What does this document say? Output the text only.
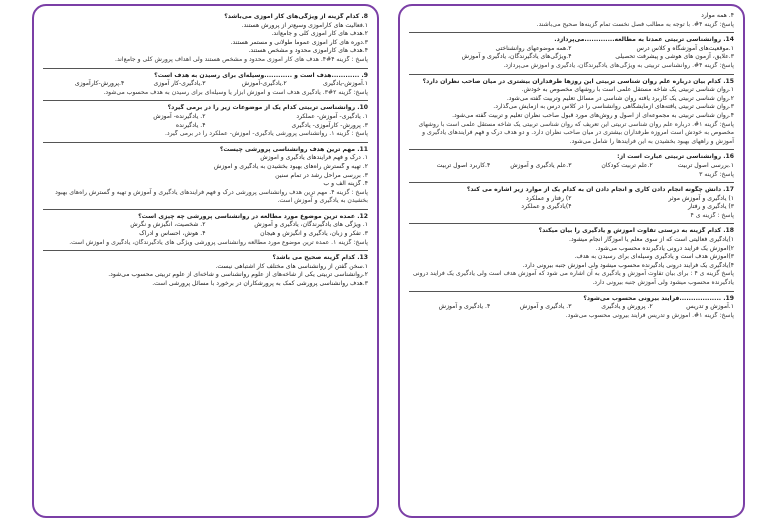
8. کدام گزینه از ویژگی‌های کار آموزی می‌باشد؟
۱.فعالیت های کارآموزی وسیع‌تر از پرورش هستند.
۲.هدف های کار آموزی کلی و جامع‌اند.
۳.دوره های کار آموزی عموماً طولانی و مستمر هستند.
۴.هدف های کارآموزی محدود و مشخص هستند.
پاسخ : گزینه ۴#۴. هدف های کار آموزی محدود و مشخص هستند ولی اهداف پرورش کلی و جامع‌اند.
9. ............هدف است و ............وسیله‌ای برای رسیدن به هدف است؟
۱.آموزش-یادگیری
۲.یادگیری-آموزش
۳.یادگیری-کار آموزی
۴.پرورش-کارآموزی
پاسخ: گزینه ۲#۳. یادگیری هدف است و آموزش ابزار یا وسیله‌ای برای رسیدن به هدف محسوب می‌شود.
10. روانشناسی تربیتی کدام یک از موضوعات زیر را در برمی گیرد؟
۱. یادگیری- آموزش- عملکرد
۲. یادگیرنده- آموزش
۳. پرورش- کارآموزی- یادگیری
۴. یادگیرنده
پاسخ : گزینه ۱. روانشناسی پرورشی یادگیری- آموزش- عملکرد را در برمی گیرد.
11. مهم ترین هدف روانشناسی پرورشی چیست؟
۱. درک و فهم فرایندهای یادگیری و آموزش
۲. تهیه و گسترش راه‌های بهبود بخشیدن به یادگیری و آموزش
۳. بررسی مراحل رشد در تمام سنین
۴. گزینه الف و ب
پاسخ : گزینه ۴. مهم ترین هدف روانشناسی پرورشی درک و فهم فرایندهای یادگیری و آموزش و تهیه و گسترش راه‌های بهبود بخشیدن به یادگیری و آموزش است.
12. عمده ترین موضوع مورد مطالعه در روانشناسی پرورشی چه چیزی است؟
۱. ویژگی های یادگیرندگان، یادگیری و آموزش
۲. شخصیت، انگیزش و نگرش
۳. تفکر و زبان، یادگیری و انگیزش و هیجان
۴. هوش، احساس و ادراک
پاسخ: گزینه ۱. عمده ترین موضوع مورد مطالعه روانشناسی پرورشی ویژگی های یادگیرندگان، یادگیری و آموزش است.
13. کدام گزینه صحیح می باشد؟
۱.سخن گفتن از روانشناسی های مختلف کار اشتباهی نیست.
۲.روانشناسی تربیتی یکی از شاخه‌های از علوم روانشناسی و شاخه‌ای از علوم تربیتی محسوب می‌شود.
۳.هدف روانشناسی پرورشی کمک به پرورشکاران در برخورد با مسائل پرورشی است.
۴. همه موارد
پاسخ: گزینه ۴#. با توجه به مطالب فصل نخست تمام گزینه‌ها صحیح می‌باشند.
14. روانشناسی تربیتی عمدتاً به مطالعه.............می‌پردازد.
۱.موقعیت‌های آموزشگاه و کلاس درس
۲.همه موضوعهای روانشناختی
۳.علایق، آزمون های هوشی و پیشرفت تحصیلی
۴.ویژگی‌های یادگیرندگان، یادگیری و آموزش
پاسخ: گزینه ۴#. روانشناسی تربیتی به ویژگی‌های یادگیرندگان، یادگیری و آموزش می‌پردازد.
15. کدام بیان درباره علم روان شناسی تربیتی این روزها طرفداران بیشتری در میان صاحب نظران دارد؟
۱.روان شناسی تربیتی یک شاخه مستقل علمی است با روشهای مخصوص به خودش.
۲.روان شناسی تربیتی یک کاربرد یافته روان شناسی در مسائل تعلیم وتربیت گفته می‌شود.
۳.روان شناسی تربیتی یافته‌های آزمایشگاهی روانشناسی را در کلاس درس به آزمایش می‌گذارد.
۴.روان شناسی تربیتی به مجموعه‌ای از اصول و روش‌های مورد قبول صاحب نظران تعلیم و تربیت گفته می‌شود.
پاسخ: گزینه ۱#. درباره علم روان شناسی تربیتی این تعریف که روان شناسی تربیتی یک شاخه مستقل علمی است با روشهای مخصوص به خودش است امروزه طرفداران بیشتری در میان صاحب نظران دارد. و دو هدف درک و فهم فرایندهای یادگیری و آموزش و راههای بهبود بخشیدن به این فرایندها را شامل می‌شود.
16. روانشناسی تربیتی عبارت است از:
۱.بررسی اصول تربیت
۲.علم تربیت کودکان
۳.علم یادگیری و آموزش
۴.کاربرد اصول تربیت
پاسخ: گزینه ۳
17. دانش چگونه انجام دادن کاری و انجام دادن آن به کدام یک از موارد زیر اشاره می کند؟
۱) یادگیری و آموزش موثر
۲) رفتار و عملکرد
۳) یادگیری و رفتار
۴)یادگیری و عملکرد
پاسخ : گزینه ی ۴
18. کدام گزینه به درستی تفاوت آموزش و یادگیری را بیان میکند؟
۱)یادگیری فعالیتی است که از سوی معلم یا آموزگار انجام میشود.
۲)آموزش یک فرایند درونی یادگیرنده محسوب می‌شود.
۳)آموزش هدف است و یادگیری وسیله‌ای برای رسیدن به هدف.
۴)یادگیری یک فرایند درونی یادگیرنده محسوب میشود ولی آموزش جنبه بیرونی دارد.
پاسخ گزینه ی ۴ : برای بیان تفاوت آموزش و یادگیری به آن اشاره می شود که آموزش هدف است ولی یادگیری یک فرایند درونی یادگیرنده محسوب میشود ولی آموزش جنبه بیرونی دارد.
19. ..................فرایند بیرونی محسوب می‌شود؟
۱.آموزش و تدریس
۲. پرورش و یادگیری
۳. یادگیری و آموزش
۴. یادگیری و آموزش
پاسخ: گزینه ۱#. آموزش و تدریس فرایند بیرونی محسوب می‌شود.
